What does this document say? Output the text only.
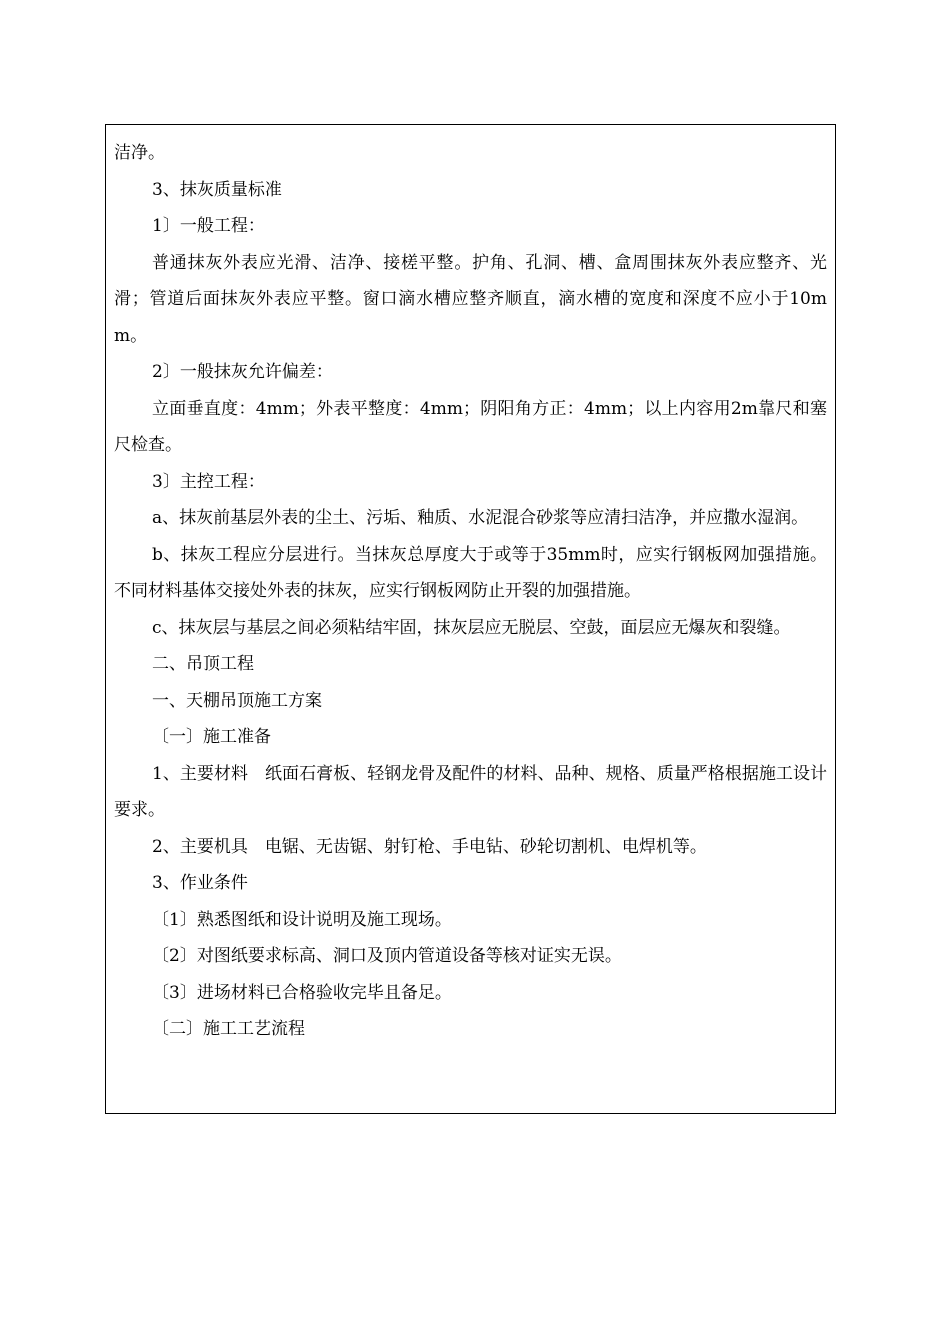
洁净。

3、抹灰质量标准

1〕一般工程：

普通抹灰外表应光滑、洁净、接槎平整。护角、孔洞、槽、盒周围抹灰外表应整齐、光滑；管道后面抹灰外表应平整。窗口滴水槽应整齐顺直，滴水槽的宽度和深度不应小于10mm。

2〕一般抹灰允许偏差：

立面垂直度：4mm；外表平整度：4mm；阴阳角方正：4mm；以上内容用2m靠尺和塞尺检查。

3〕主控工程：

a、抹灰前基层外表的尘土、污垢、釉质、水泥混合砂浆等应清扫洁净，并应撒水湿润。

b、抹灰工程应分层进行。当抹灰总厚度大于或等于35mm时，应实行钢板网加强措施。不同材料基体交接处外表的抹灰，应实行钢板网防止开裂的加强措施。

c、抹灰层与基层之间必须粘结牢固，抹灰层应无脱层、空鼓，面层应无爆灰和裂缝。

二、吊顶工程

一、天棚吊顶施工方案

〔一〕施工准备

1、主要材料　纸面石膏板、轻钢龙骨及配件的材料、品种、规格、质量严格根据施工设计要求。

2、主要机具　电锯、无齿锯、射钉枪、手电钻、砂轮切割机、电焊机等。

3、作业条件

〔1〕熟悉图纸和设计说明及施工现场。

〔2〕对图纸要求标高、洞口及顶内管道设备等核对证实无误。

〔3〕进场材料已合格验收完毕且备足。

〔二〕施工工艺流程
